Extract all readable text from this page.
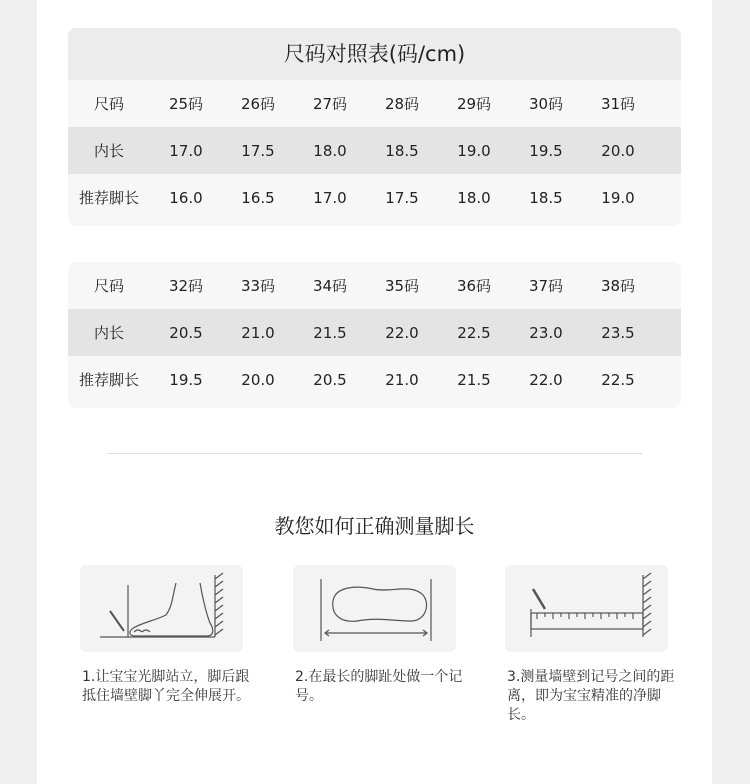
尺码对照表(码/cm)
尺码	25码	26码	27码	28码	29码	30码	31码
内长	17.0	17.5	18.0	18.5	19.0	19.5	20.0
推荐脚长	16.0	16.5	17.0	17.5	18.0	18.5	19.0
尺码	32码	33码	34码	35码	36码	37码	38码
内长	20.5	21.0	21.5	22.0	22.5	23.0	23.5
推荐脚长	19.5	20.0	20.5	21.0	21.5	22.0	22.5
教您如何正确测量脚长
1.让宝宝光脚站立，脚后跟抵住墙壁脚丫完全伸展开。
2.在最长的脚趾处做一个记号。
3.测量墙壁到记号之间的距离，即为宝宝精准的净脚长。
